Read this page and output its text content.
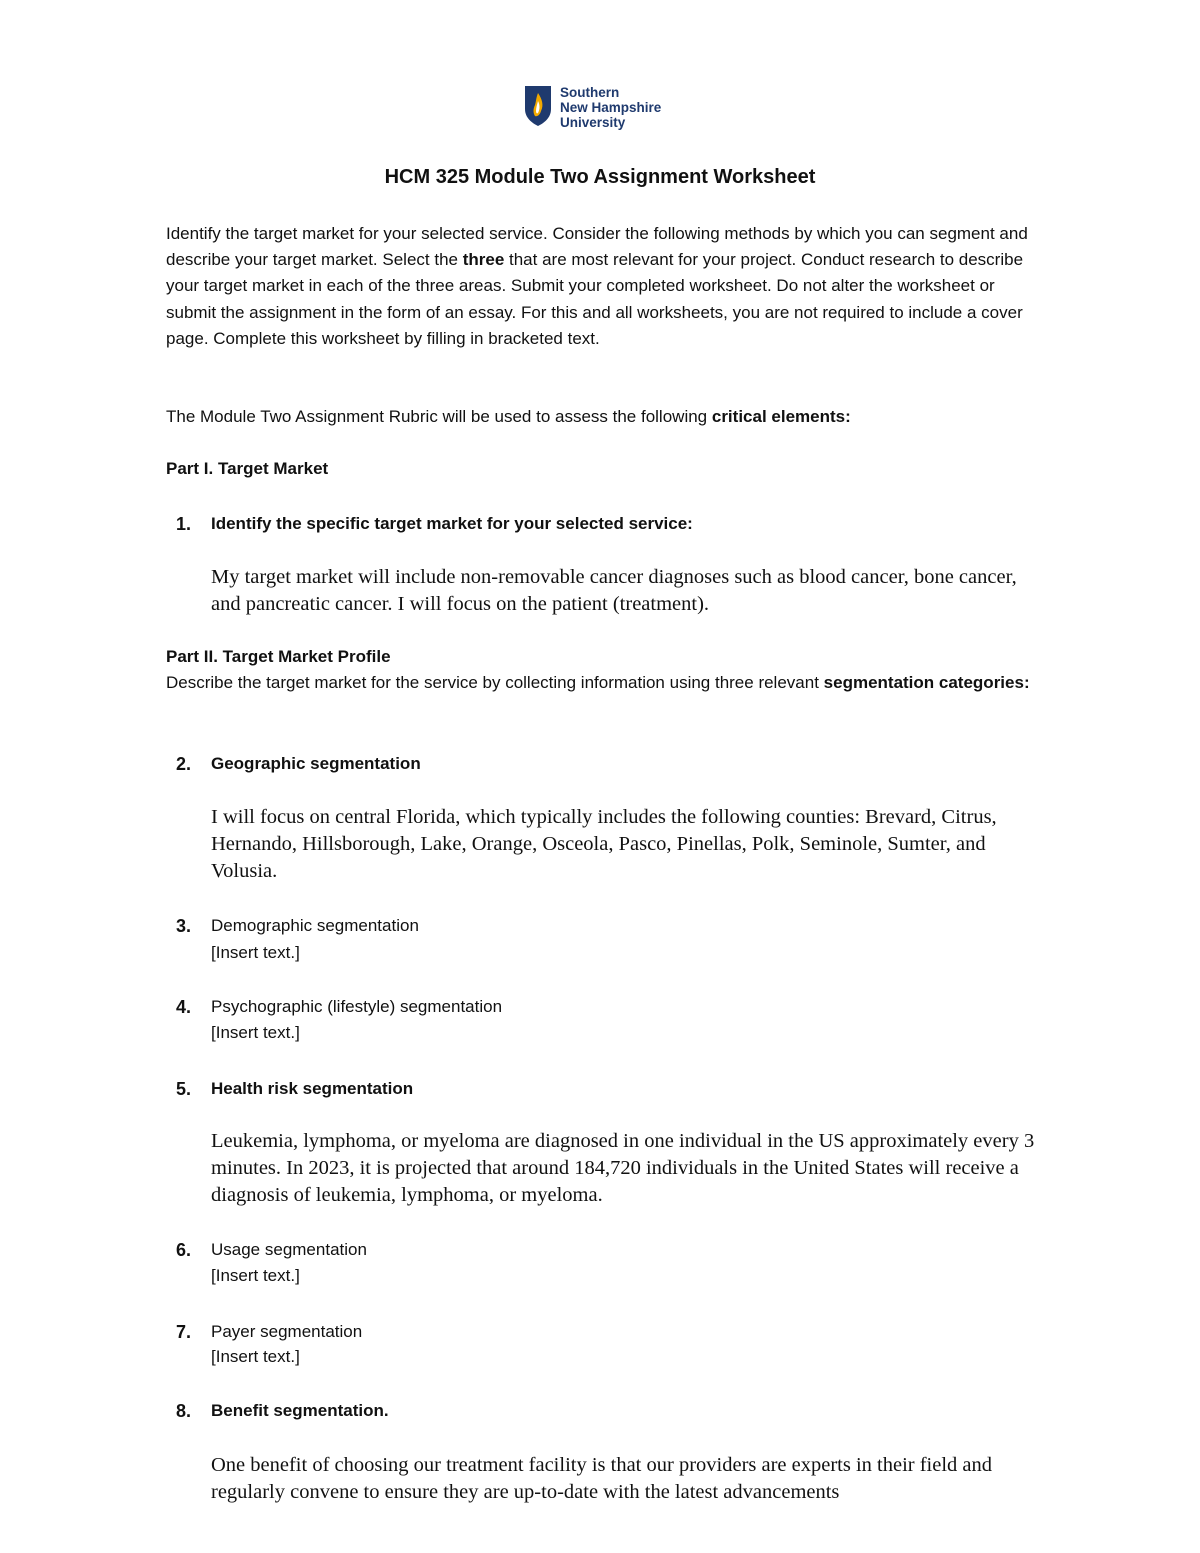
Southern
New Hampshire
University
HCM 325 Module Two Assignment Worksheet
Identify the target market for your selected service. Consider the following methods by which you can segment and describe your target market. Select the three that are most relevant for your project. Conduct research to describe your target market in each of the three areas. Submit your completed worksheet. Do not alter the worksheet or submit the assignment in the form of an essay. For this and all worksheets, you are not required to include a cover page. Complete this worksheet by filling in bracketed text.
The Module Two Assignment Rubric will be used to assess the following critical elements:
Part I. Target Market
1. Identify the specific target market for your selected service:
My target market will include non-removable cancer diagnoses such as blood cancer, bone cancer, and pancreatic cancer. I will focus on the patient (treatment).
Part II. Target Market Profile
Describe the target market for the service by collecting information using three relevant segmentation categories:
2. Geographic segmentation
I will focus on central Florida, which typically includes the following counties: Brevard, Citrus, Hernando, Hillsborough, Lake, Orange, Osceola, Pasco, Pinellas, Polk, Seminole, Sumter, and Volusia.
3. Demographic segmentation
[Insert text.]
4. Psychographic (lifestyle) segmentation
[Insert text.]
5. Health risk segmentation
Leukemia, lymphoma, or myeloma are diagnosed in one individual in the US approximately every 3 minutes. In 2023, it is projected that around 184,720 individuals in the United States will receive a diagnosis of leukemia, lymphoma, or myeloma.
6. Usage segmentation
[Insert text.]
7. Payer segmentation
[Insert text.]
8. Benefit segmentation.
One benefit of choosing our treatment facility is that our providers are experts in their field and regularly convene to ensure they are up-to-date with the latest advancements
